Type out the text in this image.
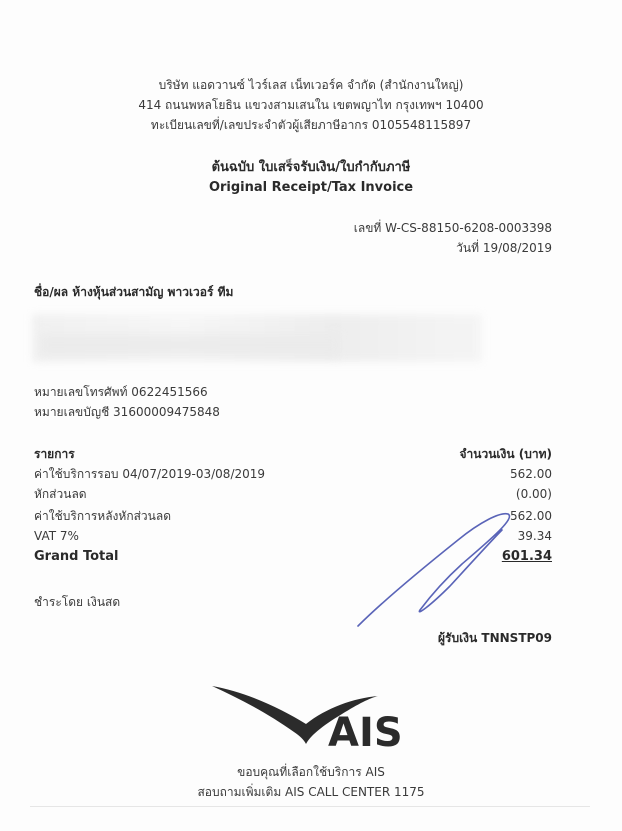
บริษัท แอดวานซ์ ไวร์เลส เน็ทเวอร์ค จำกัด (สำนักงานใหญ่)
414 ถนนพหลโยธิน แขวงสามเสนใน เขตพญาไท กรุงเทพฯ 10400
ทะเบียนเลขที่/เลขประจำตัวผู้เสียภาษีอากร 0105548115897
ต้นฉบับ ใบเสร็จรับเงิน/ใบกำกับภาษี
Original Receipt/Tax Invoice
เลขที่ W-CS-88150-6208-0003398
วันที่ 19/08/2019
ชื่อ/ผล ห้างหุ้นส่วนสามัญ พาวเวอร์ ทีม
หมายเลขโทรศัพท์ 0622451566
หมายเลขบัญชี 31600009475848
รายการ	จำนวนเงิน (บาท)
ค่าใช้บริการรอบ 04/07/2019-03/08/2019	562.00
หักส่วนลด	(0.00)
ค่าใช้บริการหลังหักส่วนลด	562.00
VAT 7%	39.34
Grand Total	601.34
ชำระโดย เงินสด
ผู้รับเงิน TNNSTP09
AIS
ขอบคุณที่เลือกใช้บริการ AIS
สอบถามเพิ่มเติม AIS CALL CENTER 1175
